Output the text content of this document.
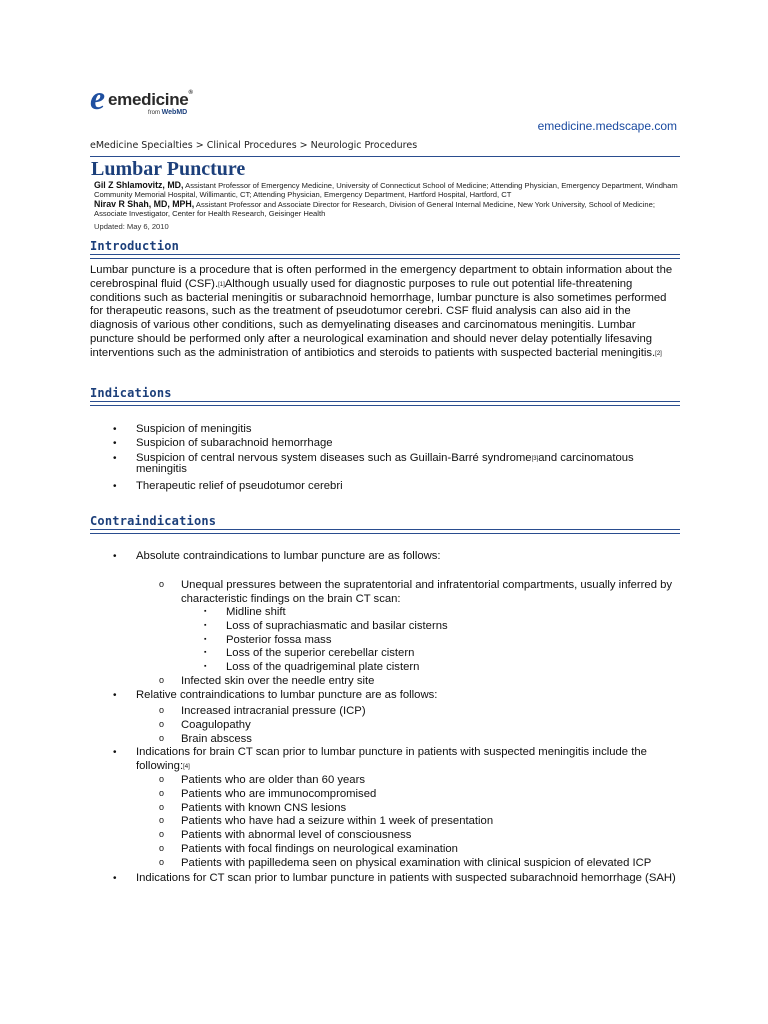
e emedicine®
from WebMD
emedicine.medscape.com
eMedicine Specialties > Clinical Procedures > Neurologic Procedures
Lumbar Puncture
Gil Z Shlamovitz, MD, Assistant Professor of Emergency Medicine, University of Connecticut School of Medicine; Attending Physician, Emergency Department, Windham Community Memorial Hospital, Willimantic, CT; Attending Physician, Emergency Department, Hartford Hospital, Hartford, CT
Nirav R Shah, MD, MPH, Assistant Professor and Associate Director for Research, Division of General Internal Medicine, New York University, School of Medicine; Associate Investigator, Center for Health Research, Geisinger Health
Updated: May 6, 2010
Introduction
Lumbar puncture is a procedure that is often performed in the emergency department to obtain information about the cerebrospinal fluid (CSF).[1]Although usually used for diagnostic purposes to rule out potential life-threatening conditions such as bacterial meningitis or subarachnoid hemorrhage, lumbar puncture is also sometimes performed for therapeutic reasons, such as the treatment of pseudotumor cerebri. CSF fluid analysis can also aid in the diagnosis of various other conditions, such as demyelinating diseases and carcinomatous meningitis. Lumbar puncture should be performed only after a neurological examination and should never delay potentially lifesaving interventions such as the administration of antibiotics and steroids to patients with suspected bacterial meningitis.[2]
Indications
• Suspicion of meningitis
• Suspicion of subarachnoid hemorrhage
• Suspicion of central nervous system diseases such as Guillain-Barré syndrome[3]and carcinomatous meningitis
• Therapeutic relief of pseudotumor cerebri
Contraindications
• Absolute contraindications to lumbar puncture are as follows:
o Unequal pressures between the supratentorial and infratentorial compartments, usually inferred by characteristic findings on the brain CT scan:
▪ Midline shift
▪ Loss of suprachiasmatic and basilar cisterns
▪ Posterior fossa mass
▪ Loss of the superior cerebellar cistern
▪ Loss of the quadrigeminal plate cistern
o Infected skin over the needle entry site
• Relative contraindications to lumbar puncture are as follows:
o Increased intracranial pressure (ICP)
o Coagulopathy
o Brain abscess
• Indications for brain CT scan prior to lumbar puncture in patients with suspected meningitis include the following:[4]
o Patients who are older than 60 years
o Patients who are immunocompromised
o Patients with known CNS lesions
o Patients who have had a seizure within 1 week of presentation
o Patients with abnormal level of consciousness
o Patients with focal findings on neurological examination
o Patients with papilledema seen on physical examination with clinical suspicion of elevated ICP
• Indications for CT scan prior to lumbar puncture in patients with suspected subarachnoid hemorrhage (SAH)
